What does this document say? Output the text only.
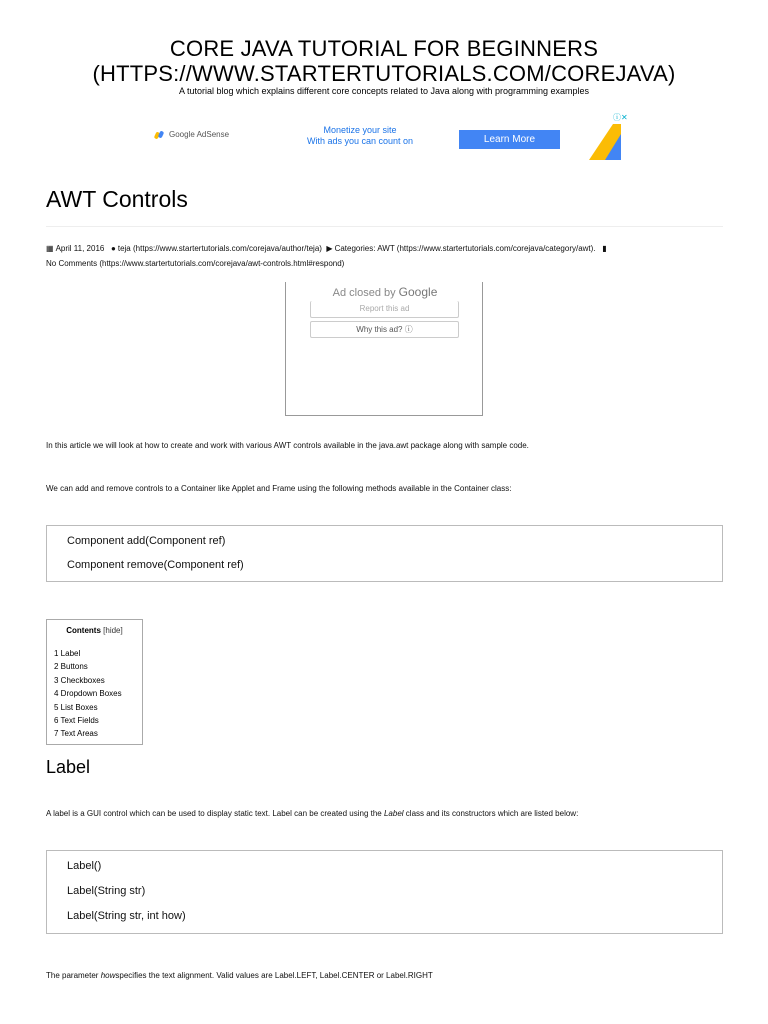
CORE JAVA TUTORIAL FOR BEGINNERS
(HTTPS://WWW.STARTERTUTORIALS.COM/COREJAVA)
A tutorial blog which explains different core concepts related to Java along with programming examples
Google AdSense	Monetize your site
With ads you can count on	Learn More
ⓘ✕
AWT Controls
▦ April 11, 2016 ● teja (https://www.startertutorials.com/corejava/author/teja) ▶ Categories: AWT (https://www.startertutorials.com/corejava/category/awt). ▮
No Comments (https://www.startertutorials.com/corejava/awt-controls.html#respond)
Ad closed by Google
Report this ad
Why this ad? ⓘ
In this article we will look at how to create and work with various AWT controls available in the java.awt package along with sample code.
We can add and remove controls to a Container like Applet and Frame using the following methods available in the Container class:
Component add(Component ref)
Component remove(Component ref)
Contents [hide]
1 Label
2 Buttons
3 Checkboxes
4 Dropdown Boxes
5 List Boxes
6 Text Fields
7 Text Areas
Label
A label is a GUI control which can be used to display static text. Label can be created using the Label class and its constructors which are listed below:
Label()
Label(String str)
Label(String str, int how)
The parameter howspecifies the text alignment. Valid values are Label.LEFT, Label.CENTER or Label.RIGHT
